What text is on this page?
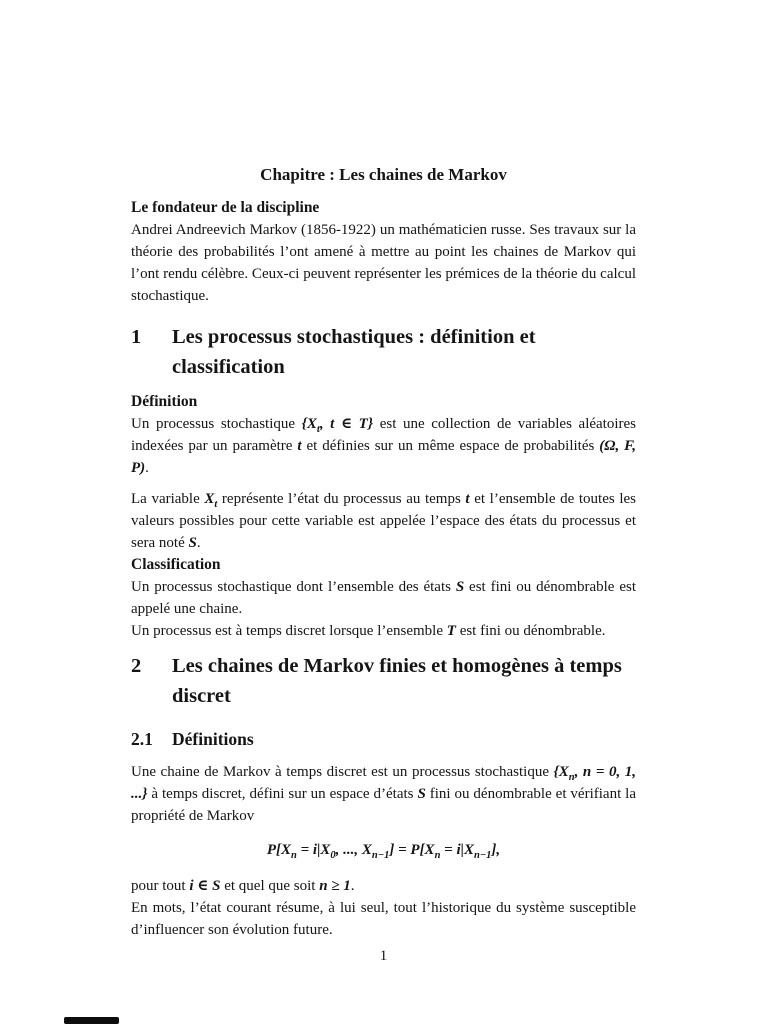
Chapitre : Les chaines de Markov

Le fondateur de la discipline

Andrei Andreevich Markov (1856-1922) un mathématicien russe. Ses travaux sur la théorie des probabilités l’ont amené à mettre au point les chaines de Markov qui l’ont rendu célèbre. Ceux-ci peuvent représenter les prémices de la théorie du calcul stochastique.

1	Les processus stochastiques : définition et classification

Définition

Un processus stochastique {$X_t$, t ∈ T} est une collection de variables aléatoires indexées par un paramètre t et définies sur un même espace de probabilités (Ω, F, P).

La variable $X_t$ représente l’état du processus au temps t et l’ensemble de toutes les valeurs possibles pour cette variable est appelée l’espace des états du processus et sera noté S.

Classification

Un processus stochastique dont l’ensemble des états S est fini ou dénombrable est appelé une chaine.

Un processus est à temps discret lorsque l’ensemble T est fini ou dénombrable.

2	Les chaines de Markov finies et homogènes à temps discret
2.1	Définitions

Une chaine de Markov à temps discret est un processus stochastique {$X_n$, n = 0, 1, ...} à temps discret, défini sur un espace d’états S fini ou dénombrable et vérifiant la propriété de Markov

$P[X_n = i|X_0$, ..., $X_{n-1}] = P[X_n = i|X_{n-1}]$,

pour tout i ∈ S et quel que soit n ≥ 1.

En mots, l’état courant résume, à lui seul, tout l’historique du système susceptible d’influencer son évolution future.

1
